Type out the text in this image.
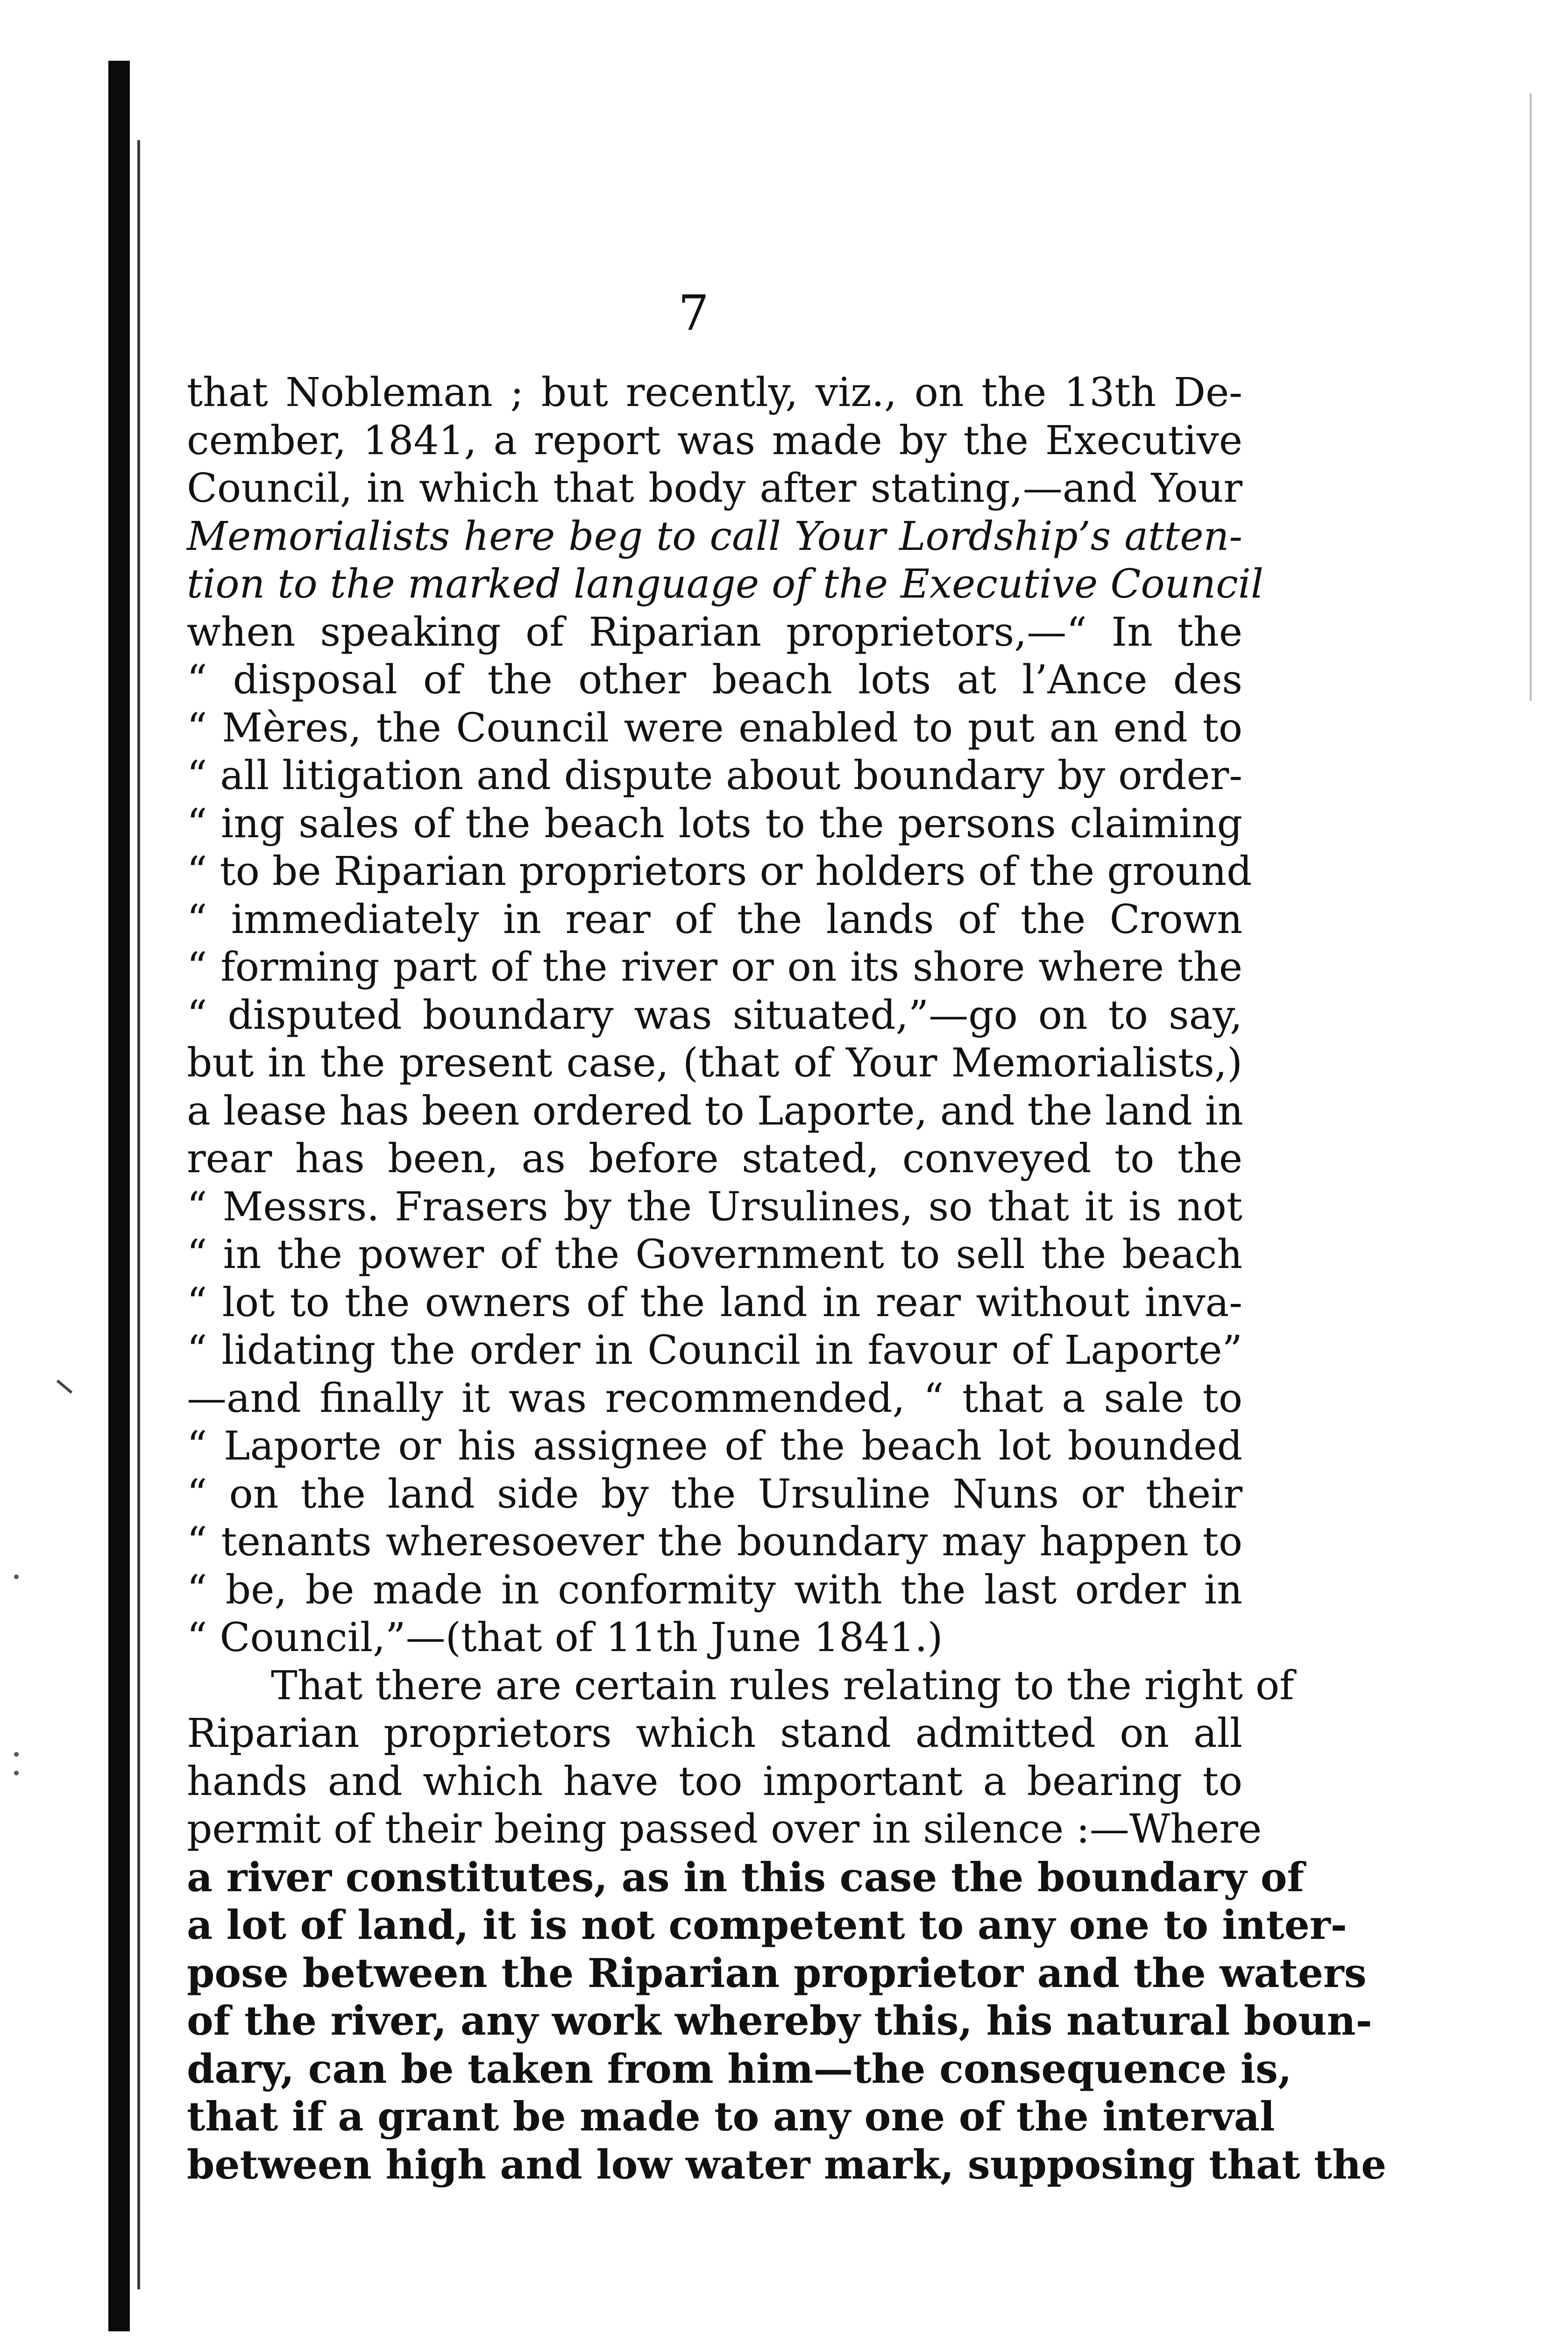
7
that Nobleman ; but recently, viz., on the 13th De-
cember, 1841, a report was made by the Executive
Council, in which that body after stating,—and Your
Memorialists here beg to call Your Lordship’s atten-
tion to the marked language of the Executive Council
when speaking of Riparian proprietors,—“ In the
“ disposal of the other beach lots at l’Ance des
“ Mères, the Council were enabled to put an end to
“ all litigation and dispute about boundary by order-
“ ing sales of the beach lots to the persons claiming
“ to be Riparian proprietors or holders of the ground
“ immediately in rear of the lands of the Crown
“ forming part of the river or on its shore where the
“ disputed boundary was situated,”—go on to say,
but in the present case, (that of Your Memorialists,)
a lease has been ordered to Laporte, and the land in
rear has been, as before stated, conveyed to the
“ Messrs. Frasers by the Ursulines, so that it is not
“ in the power of the Government to sell the beach
“ lot to the owners of the land in rear without inva-
“ lidating the order in Council in favour of Laporte”
—and finally it was recommended, “ that a sale to
“ Laporte or his assignee of the beach lot bounded
“ on the land side by the Ursuline Nuns or their
“ tenants wheresoever the boundary may happen to
“ be, be made in conformity with the last order in
“ Council,”—(that of 11th June 1841.)
That there are certain rules relating to the right of
Riparian proprietors which stand admitted on all
hands and which have too important a bearing to
permit of their being passed over in silence :—Where
a river constitutes, as in this case the boundary of
a lot of land, it is not competent to any one to inter-
pose between the Riparian proprietor and the waters
of the river, any work whereby this, his natural boun-
dary, can be taken from him—the consequence is,
that if a grant be made to any one of the interval
between high and low water mark, supposing that the
